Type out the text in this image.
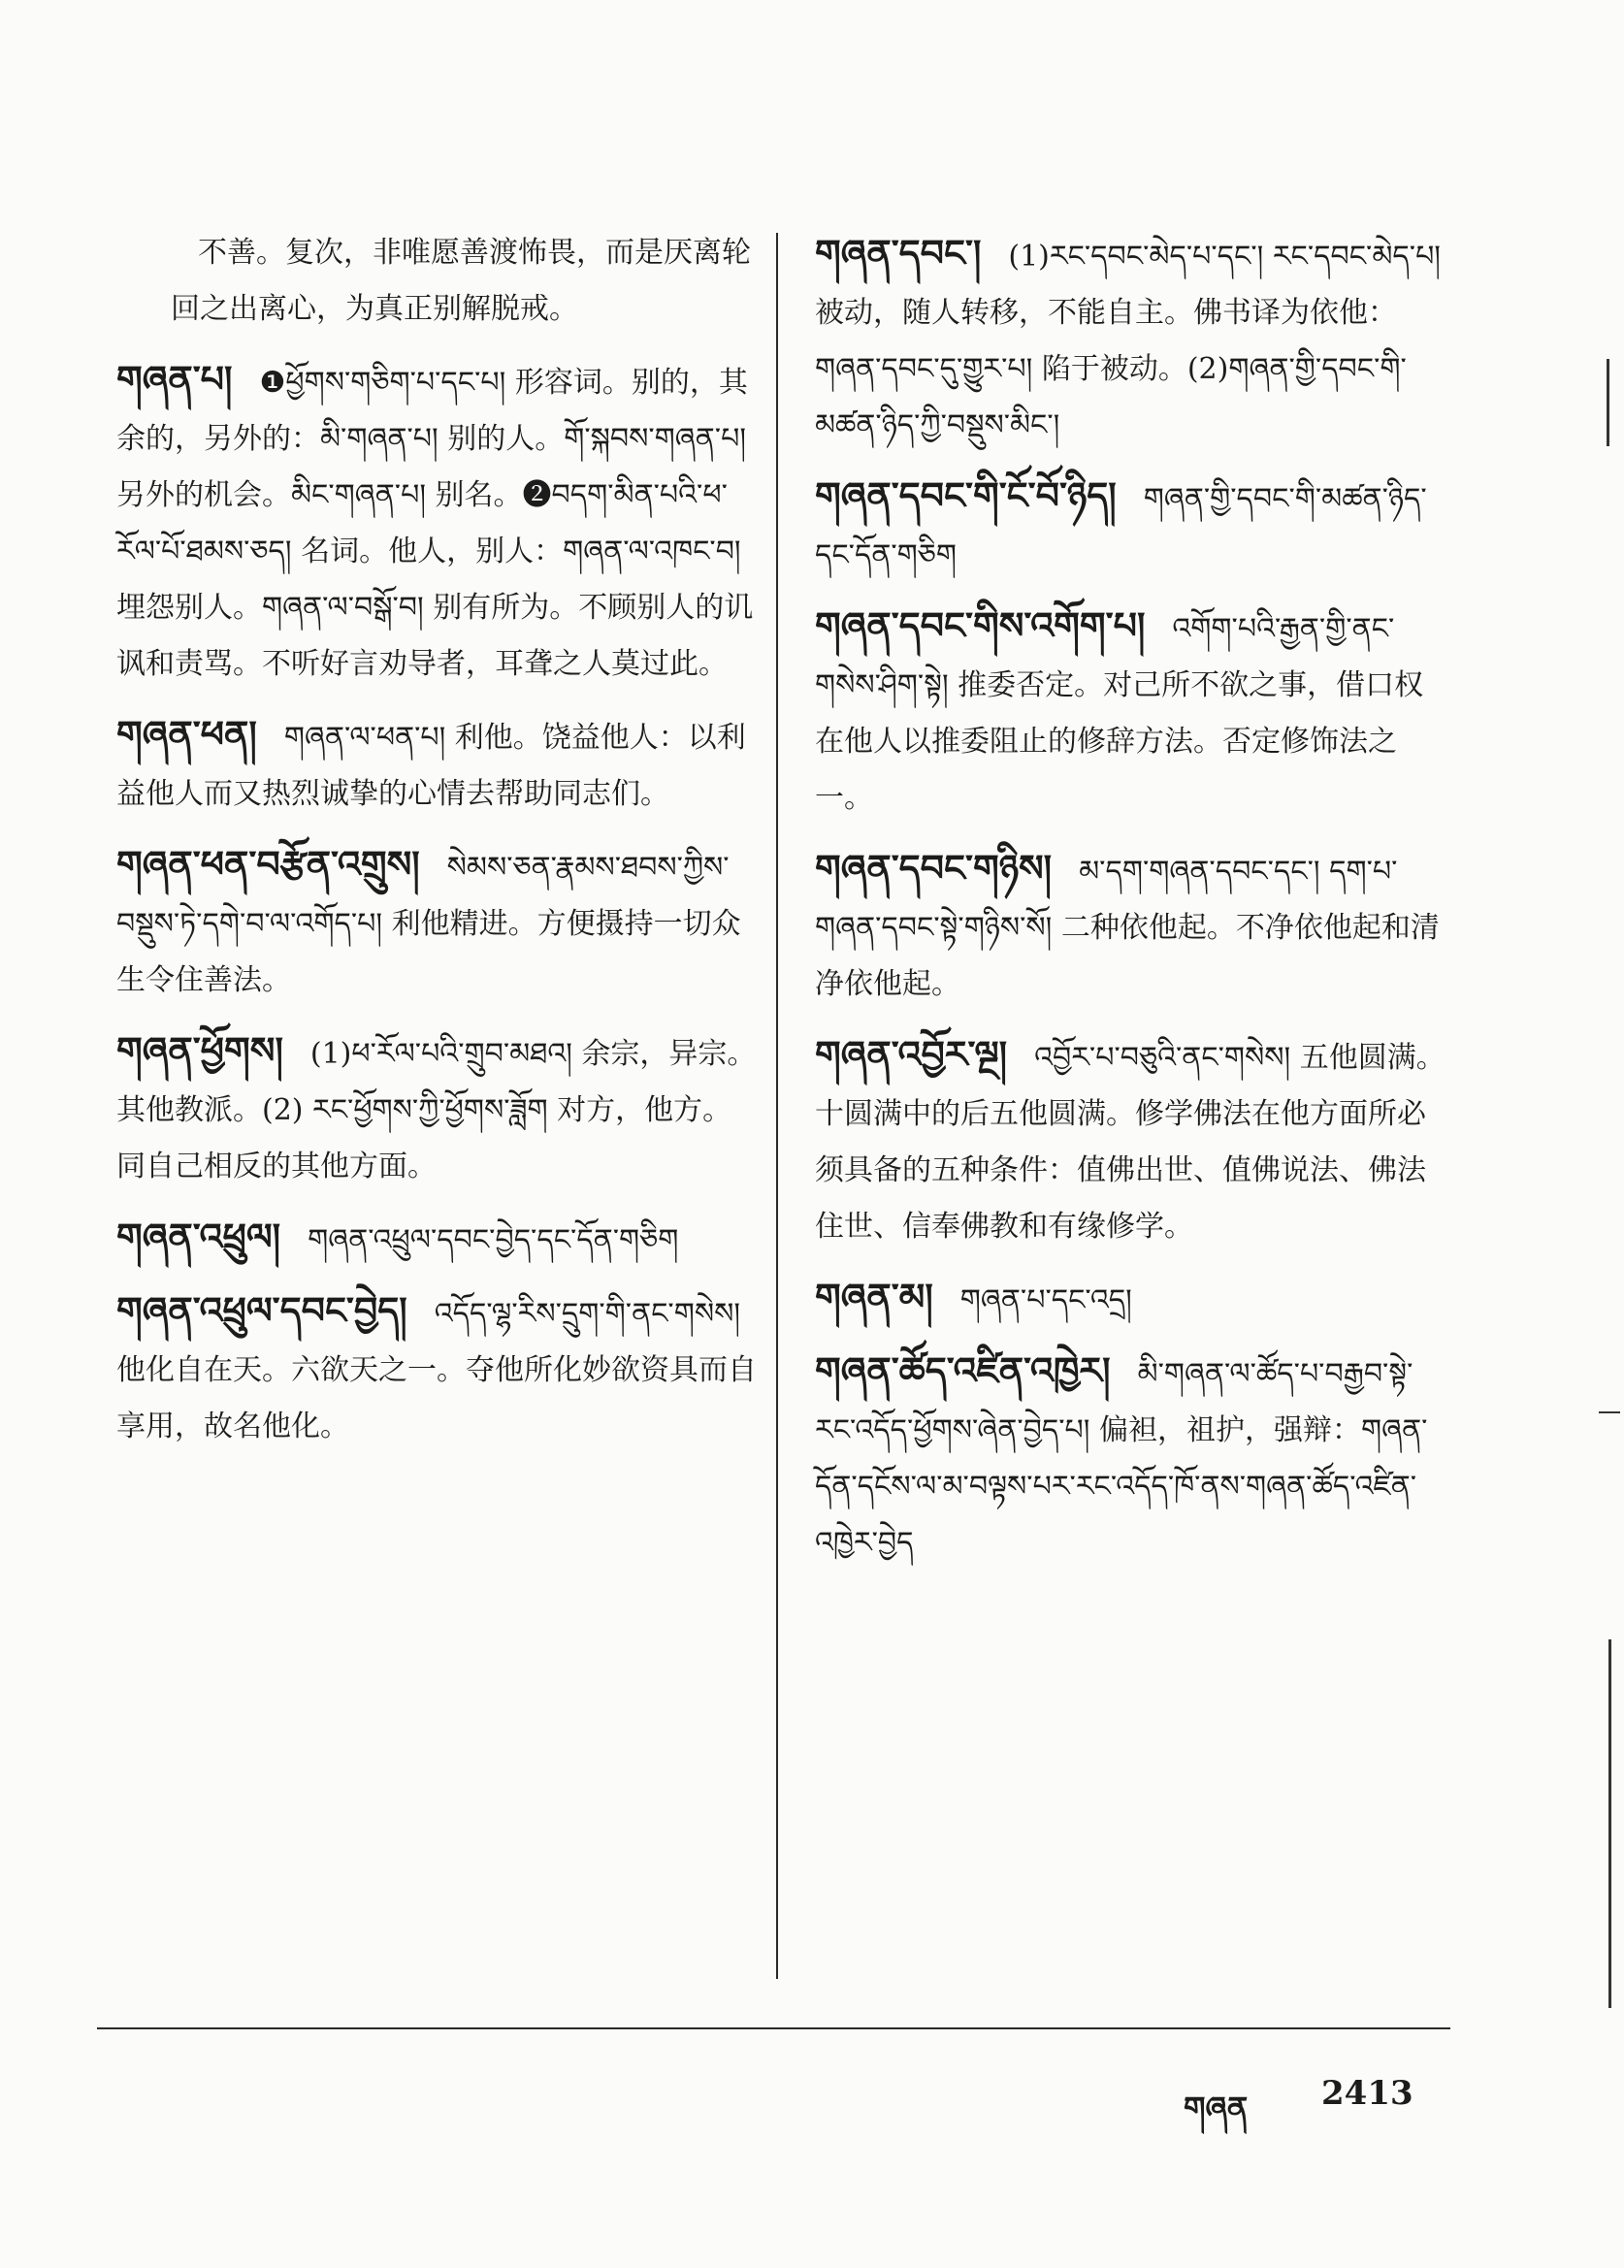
不善。复次，非唯愿善渡怖畏，而是厌离轮回之出离心，为真正别解脱戒。
གཞན་པ། ❶ཕྱོགས་གཅིག་པ་དང་པ། 形容词。别的，其余的，另外的：མི་གཞན་པ། 别的人。གོ་སྐབས་གཞན་པ། 另外的机会。མིང་གཞན་པ། 别名。❷བདག་མིན་པའི་ཕ་རོལ་པོ་ཐམས་ཅད། 名词。他人，别人：གཞན་ལ་འཁང་བ། 埋怨别人。གཞན་ལ་བསྒོ་བ། 别有所为。不顾别人的讥讽和责骂。不听好言劝导者，耳聋之人莫过此。
གཞན་ཕན། གཞན་ལ་ཕན་པ། 利他。饶益他人：以利益他人而又热烈诚挚的心情去帮助同志们。
གཞན་ཕན་བརྩོན་འགྲུས། སེམས་ཅན་རྣམས་ཐབས་ཀྱིས་བསྡུས་ཏེ་དགེ་བ་ལ་འགོད་པ། 利他精进。方便摄持一切众生令住善法。
གཞན་ཕྱོགས། (1)ཕ་རོལ་པའི་གྲུབ་མཐའ། 余宗，异宗。其他教派。(2) རང་ཕྱོགས་ཀྱི་ཕྱོགས་ཟློག 对方，他方。同自己相反的其他方面。
གཞན་འཕྲུལ། གཞན་འཕྲུལ་དབང་བྱེད་དང་དོན་གཅིག
གཞན་འཕྲུལ་དབང་བྱེད། འདོད་ལྷ་རིས་དྲུག་གི་ནང་གསེས། 他化自在天。六欲天之一。夺他所化妙欲资具而自享用，故名他化。
གཞན་དབང་། (1)རང་དབང་མེད་པ་དང་། རང་དབང་མེད་པ། 被动，随人转移，不能自主。佛书译为依他：གཞན་དབང་དུ་གྱུར་པ། 陷于被动。(2)གཞན་གྱི་དབང་གི་མཚན་ཉིད་ཀྱི་བསྡུས་མིང་།
གཞན་དབང་གི་ངོ་བོ་ཉིད། གཞན་གྱི་དབང་གི་མཚན་ཉིད་དང་དོན་གཅིག
གཞན་དབང་གིས་འགོག་པ། འགོག་པའི་རྒྱན་གྱི་ནང་གསེས་ཤིག་སྟེ། 推委否定。对己所不欲之事，借口权在他人以推委阻止的修辞方法。否定修饰法之一。
གཞན་དབང་གཉིས། མ་དག་གཞན་དབང་དང་། དག་པ་གཞན་དབང་སྟེ་གཉིས་སོ། 二种依他起。不净依他起和清净依他起。
གཞན་འབྱོར་ལྔ། འབྱོར་པ་བཅུའི་ནང་གསེས། 五他圆满。十圆满中的后五他圆满。修学佛法在他方面所必须具备的五种条件：值佛出世、值佛说法、佛法住世、信奉佛教和有缘修学。
གཞན་མ། གཞན་པ་དང་འདྲ།
གཞན་ཚོད་འཛིན་འཁྱེར། མི་གཞན་ལ་ཚོད་པ་བརྒྱབ་སྟེ་རང་འདོད་ཕྱོགས་ཞེན་བྱེད་པ། 偏袒，祖护，强辩：གཞན་དོན་དངོས་ལ་མ་བལྟས་པར་རང་འདོད་ཁོ་ནས་གཞན་ཚོད་འཛིན་འཁྱེར་བྱེད
གཞན 2413
